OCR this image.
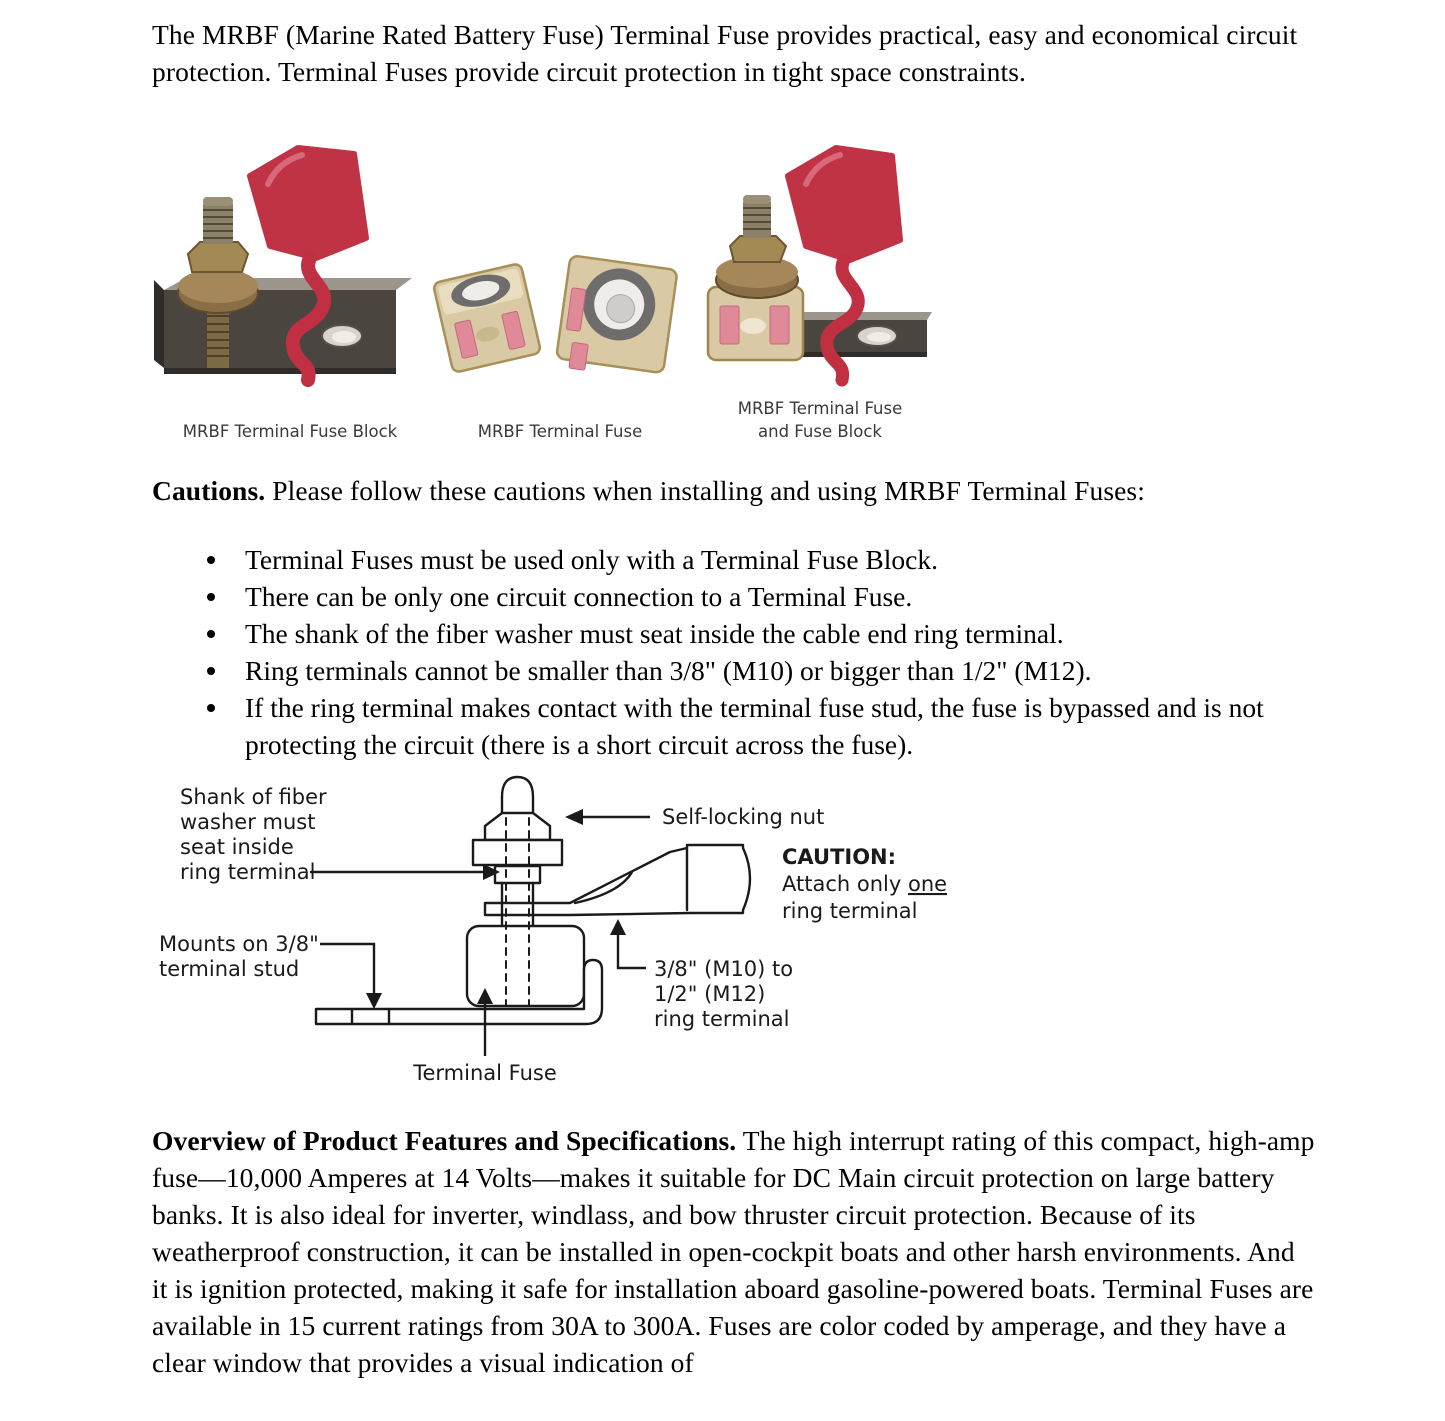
The MRBF (Marine Rated Battery Fuse) Terminal Fuse provides practical, easy and economical circuit protection. Terminal Fuses provide circuit protection in tight space constraints.
MRBF Terminal Fuse Block	MRBF Terminal Fuse
MRBF Terminal Fuse
and Fuse Block
Cautions. Please follow these cautions when installing and using MRBF Terminal Fuses:
Terminal Fuses must be used only with a Terminal Fuse Block.
There can be only one circuit connection to a Terminal Fuse.
The shank of the fiber washer must seat inside the cable end ring terminal.
Ring terminals cannot be smaller than 3/8" (M10) or bigger than 1/2" (M12).
If the ring terminal makes contact with the terminal fuse stud, the fuse is bypassed and is not protecting the circuit (there is a short circuit across the fuse).
Shank of fiber
washer must
seat inside
ring terminal
Self-locking nut
CAUTION:
Attach only one
ring terminal
Mounts on 3/8"
terminal stud	3/8" (M10) to
1/2" (M12)
ring terminal
Terminal Fuse
Overview of Product Features and Specifications. The high interrupt rating of this compact, high-amp fuse—10,000 Amperes at 14 Volts—makes it suitable for DC Main circuit protection on large battery banks. It is also ideal for inverter, windlass, and bow thruster circuit protection. Because of its weatherproof construction, it can be installed in open-cockpit boats and other harsh environments. And it is ignition protected, making it safe for installation aboard gasoline-powered boats. Terminal Fuses are available in 15 current ratings from 30A to 300A. Fuses are color coded by amperage, and they have a clear window that provides a visual indication of
